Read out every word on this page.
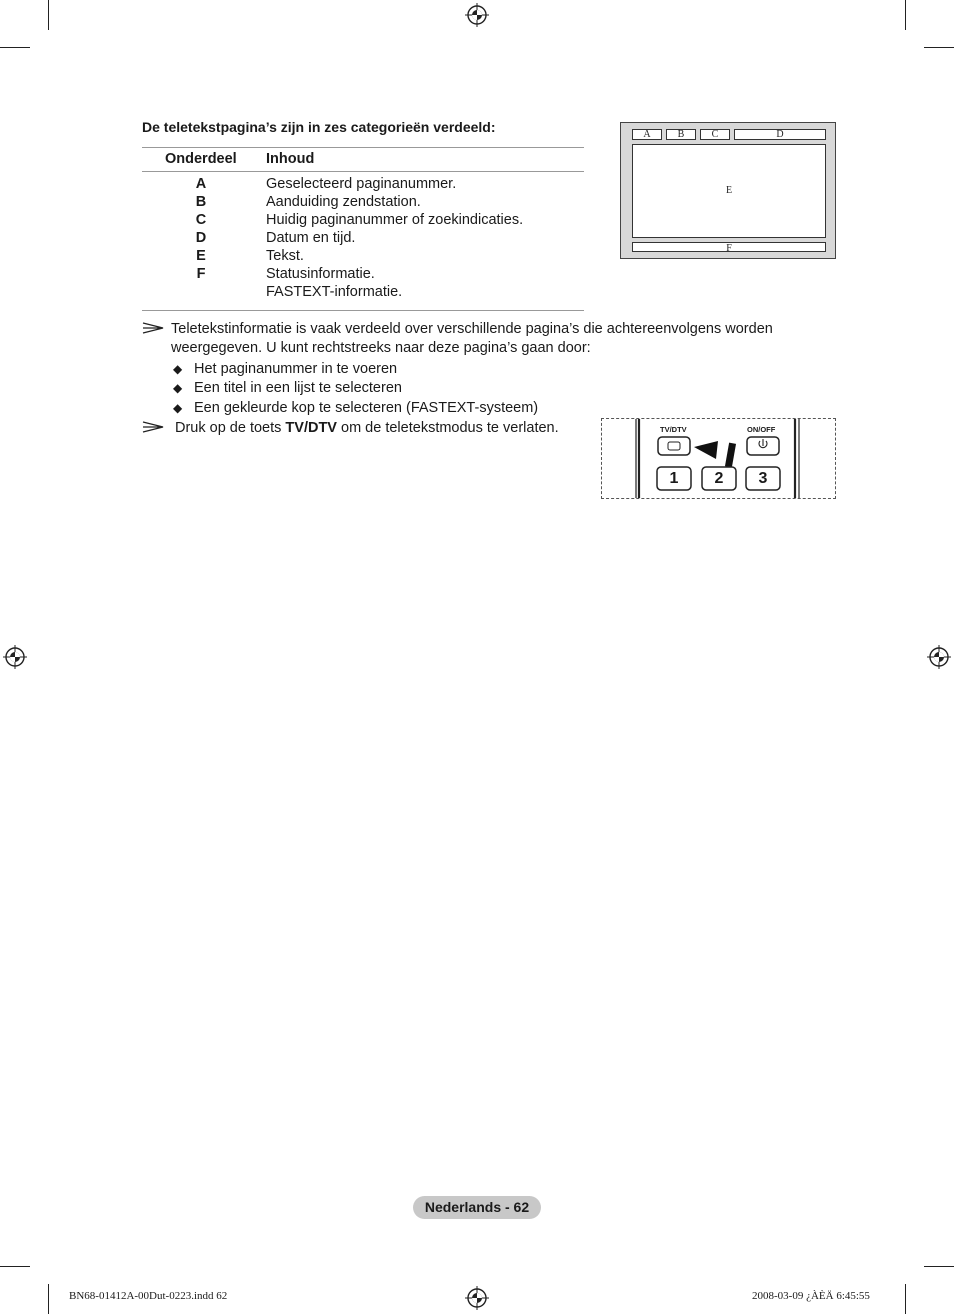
De teletekstpagina’s zijn in zes categorieën verdeeld:
Onderdeel Inhoud
A	Geselecteerd paginanummer.
B	Aanduiding zendstation.
C	Huidig paginanummer of zoekindicaties.
D	Datum en tijd.
E	Tekst.
F	Statusinformatie.
FASTEXT-informatie.
A	B	C	D
E
F
Teletekstinformatie is vaak verdeeld over verschillende pagina’s die achtereenvolgens worden
weergegeven. U kunt rechtstreeks naar deze pagina’s gaan door:
◆ Het paginanummer in te voeren
◆ Een titel in een lijst te selecteren
◆ Een gekleurde kop te selecteren (FASTEXT-systeem)
Druk op de toets TV/DTV om de teletekstmodus te verlaten.	TV/DTV	ON/OFF
1	2	3
Nederlands - 62
BN68-01412A-00Dut-0223.indd 62	2008-03-09 ¿ÀÈÄ 6:45:55
